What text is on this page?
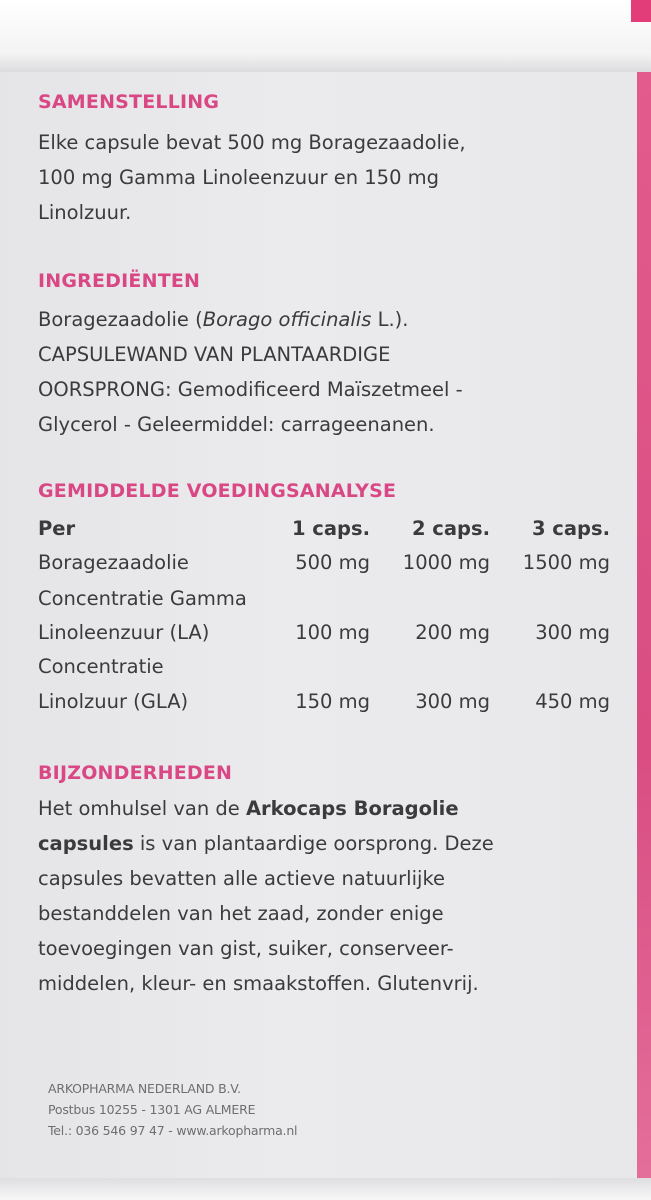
SAMENSTELLING
Elke capsule bevat 500 mg Boragezaadolie,
100 mg Gamma Linoleenzuur en 150 mg
Linolzuur.
INGREDIËNTEN
Boragezaadolie (Borago officinalis L.).
CAPSULEWAND VAN PLANTAARDIGE
OORSPRONG: Gemodificeerd Maïszetmeel -
Glycerol - Geleermiddel: carrageenanen.
GEMIDDELDE VOEDINGSANALYSE
Per	1 caps. 2 caps. 3 caps.
Boragezaadolie	500 mg 1000 mg 1500 mg
Concentratie Gamma
Linoleenzuur (LA)	100 mg 200 mg 300 mg
Concentratie
Linolzuur (GLA)	150 mg 300 mg 450 mg
BIJZONDERHEDEN
Het omhulsel van de Arkocaps Boragolie
capsules is van plantaardige oorsprong. Deze
capsules bevatten alle actieve natuurlijke
bestanddelen van het zaad, zonder enige
toevoegingen van gist, suiker, conserveer-
middelen, kleur- en smaakstoffen. Glutenvrij.
ARKOPHARMA NEDERLAND B.V.
Postbus 10255 - 1301 AG ALMERE
Tel.: 036 546 97 47 - www.arkopharma.nl
